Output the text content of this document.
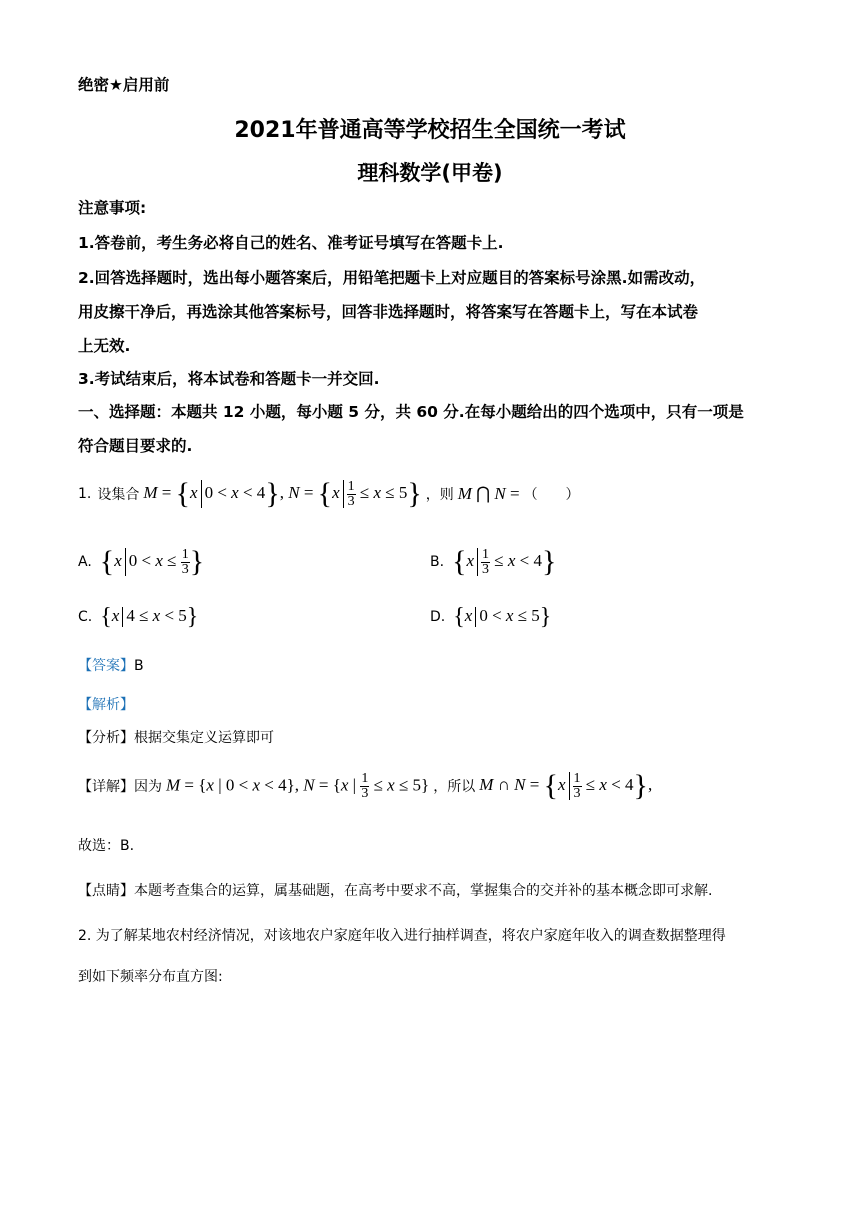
绝密★启用前
2021年普通高等学校招生全国统一考试
理科数学(甲卷)
注意事项:
1.答卷前，考生务必将自己的姓名、准考证号填写在答题卡上.
2.回答选择题时，选出每小题答案后，用铅笔把题卡上对应题目的答案标号涂黑.如需改动，
用皮擦干净后，再选涂其他答案标号，回答非选择题时，将答案写在答题卡上，写在本试卷
上无效.
3.考试结束后，将本试卷和答题卡一并交回.
一、选择题：本题共 12 小题，每小题 5 分，共 60 分.在每小题给出的四个选项中，只有一项是
符合题目要求的.
1. 设集合 M = {x 0 < x < 4}, $N = \{x \frac{1}{3} \le x \le 5\}$ ，则 M ⋂ N = （　　）
A. {x $0 < x \le \frac{1}{3}$ }	B. $\{x \frac{1}{3} \le x < 4\}$
C. {x 4 ≤ x < 5}	D. {x 0 < x ≤ 5}
【答案】B
【解析】
【分析】根据交集定义运算即可
【详解】 因为 M = {x | 0 < x < 4}, N = {x | $\frac{1}{3} \le x \le 5$} ，所以 M ∩ $N = \{x \frac{1}{3} \le x < 4\}$,
故选：B.
【点睛】本题考查集合的运算，属基础题，在高考中要求不高，掌握集合的交并补的基本概念即可求解.
2. 为了解某地农村经济情况，对该地农户家庭年收入进行抽样调查，将农户家庭年收入的调查数据整理得
到如下频率分布直方图:
